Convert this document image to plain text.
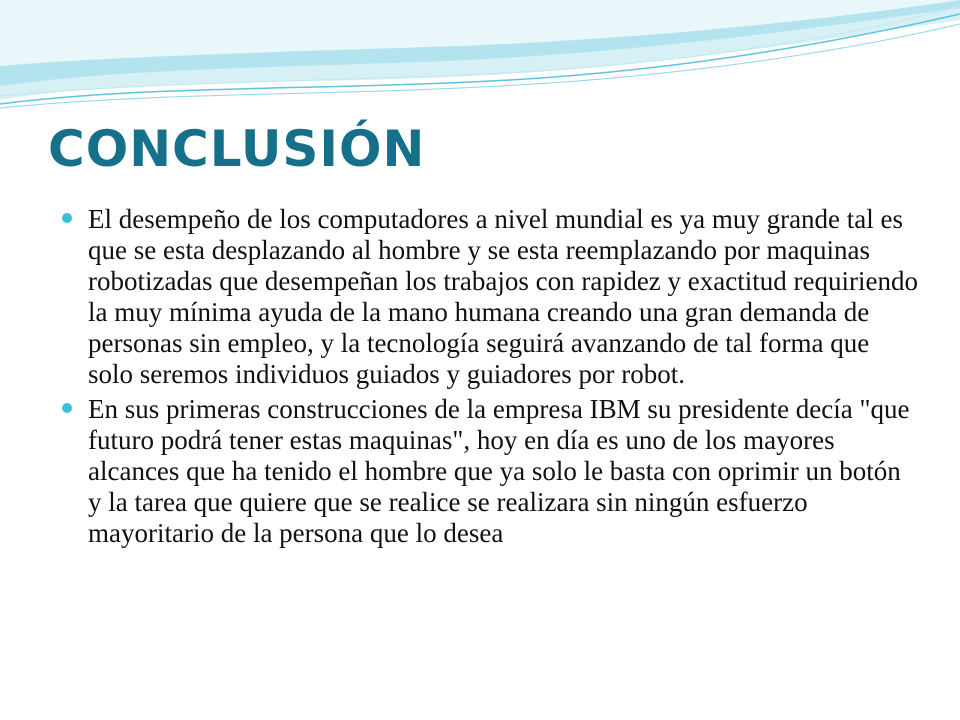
CONCLUSIÓN
El desempeño de los computadores a nivel mundial es ya muy grande tal es que se esta desplazando al hombre y se esta reemplazando por maquinas robotizadas que desempeñan los trabajos con rapidez y exactitud requiriendo la muy mínima ayuda de la mano humana creando una gran demanda de personas sin empleo, y la tecnología seguirá avanzando de tal forma que solo seremos individuos guiados y guiadores por robot.
En sus primeras construcciones de la empresa IBM su presidente decía "que futuro podrá tener estas maquinas", hoy en día es uno de los mayores alcances que ha tenido el hombre que ya solo le basta con oprimir un botón y la tarea que quiere que se realice se realizara sin ningún esfuerzo mayoritario de la persona que lo desea
